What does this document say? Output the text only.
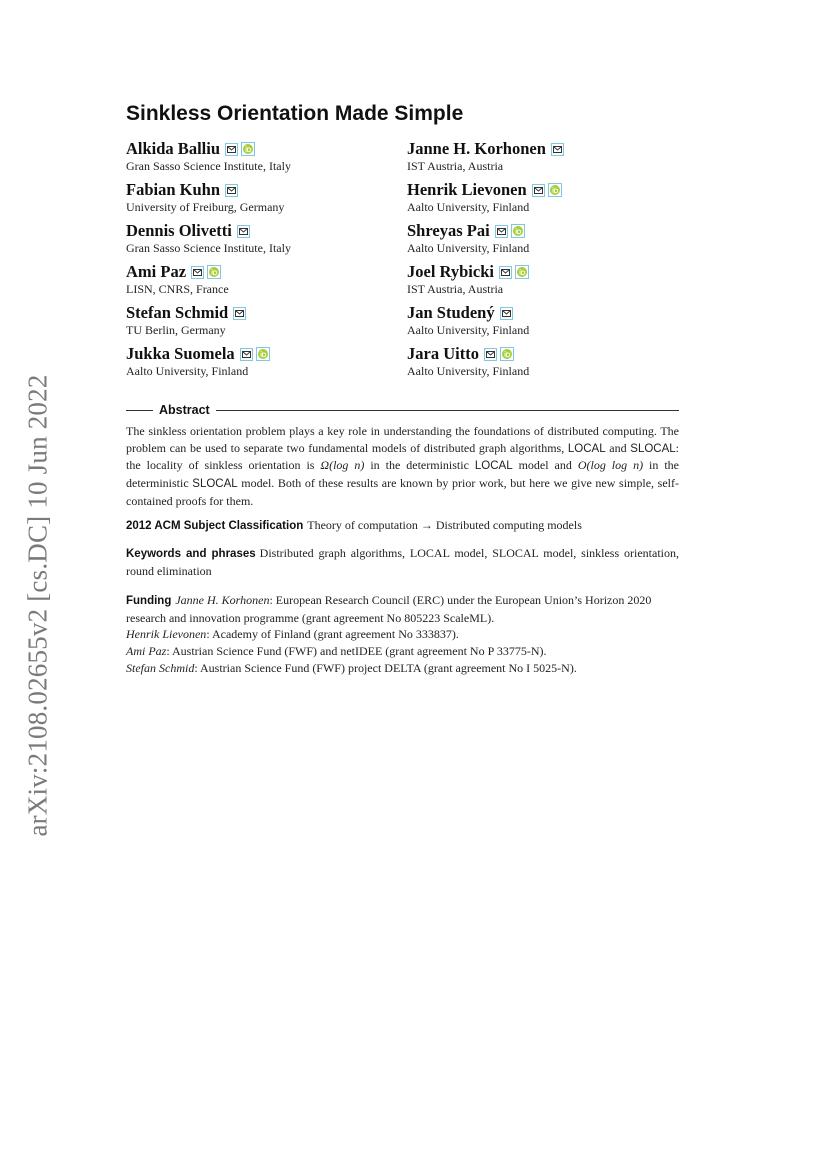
arXiv:2108.02655v2 [cs.DC] 10 Jun 2022
Sinkless Orientation Made Simple
Alkida Balliu
Gran Sasso Science Institute, Italy
Janne H. Korhonen
IST Austria, Austria
Fabian Kuhn
University of Freiburg, Germany
Henrik Lievonen
Aalto University, Finland
Dennis Olivetti
Gran Sasso Science Institute, Italy
Shreyas Pai
Aalto University, Finland
Ami Paz
LISN, CNRS, France
Joel Rybicki
IST Austria, Austria
Stefan Schmid
TU Berlin, Germany
Jan Studený
Aalto University, Finland
Jukka Suomela
Aalto University, Finland
Jara Uitto
Aalto University, Finland
Abstract

The sinkless orientation problem plays a key role in understanding the foundations of distributed computing. The problem can be used to separate two fundamental models of distributed graph algorithms, LOCAL and SLOCAL: the locality of sinkless orientation is Ω(log n) in the deterministic LOCAL model and O(log log n) in the deterministic SLOCAL model. Both of these results are known by prior work, but here we give new simple, self-contained proofs for them.

2012 ACM Subject Classification Theory of computation → Distributed computing models

Keywords and phrases Distributed graph algorithms, LOCAL model, SLOCAL model, sinkless orientation, round elimination

Funding Janne H. Korhonen: European Research Council (ERC) under the European Union’s Horizon 2020 research and innovation programme (grant agreement No 805223 ScaleML).
Henrik Lievonen: Academy of Finland (grant agreement No 333837).
Ami Paz: Austrian Science Fund (FWF) and netIDEE (grant agreement No P 33775-N).
Stefan Schmid: Austrian Science Fund (FWF) project DELTA (grant agreement No I 5025-N).
